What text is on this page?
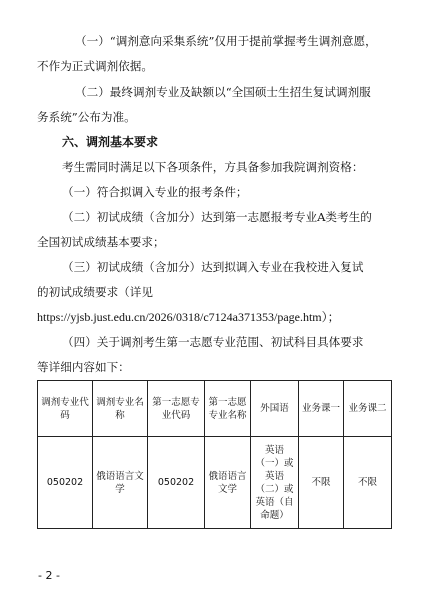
（一）“调剂意向采集系统”仅用于提前掌握考生调剂意愿，
不作为正式调剂依据。
（二）最终调剂专业及缺额以“全国硕士生招生复试调剂服
务系统”公布为准。
六、调剂基本要求
考生需同时满足以下各项条件，方具备参加我院调剂资格：
（一）符合拟调入专业的报考条件；
（二）初试成绩（含加分）达到第一志愿报考专业A类考生的
全国初试成绩基本要求；
（三）初试成绩（含加分）达到拟调入专业在我校进入复试
的初试成绩要求（详见
https://yjsb.just.edu.cn/2026/0318/c7124a371353/page.htm）；
（四）关于调剂考生第一志愿专业范围、初试科目具体要求
等详细内容如下：
调剂专业代码	调剂专业名称	第一志愿专业代码	第一志愿专业名称	外国语	业务课一	业务课二
050202	俄语语言文学	050202	俄语语言文学	英语（一）或英语（二）或英语（自命题）	不限	不限
- 2 -
